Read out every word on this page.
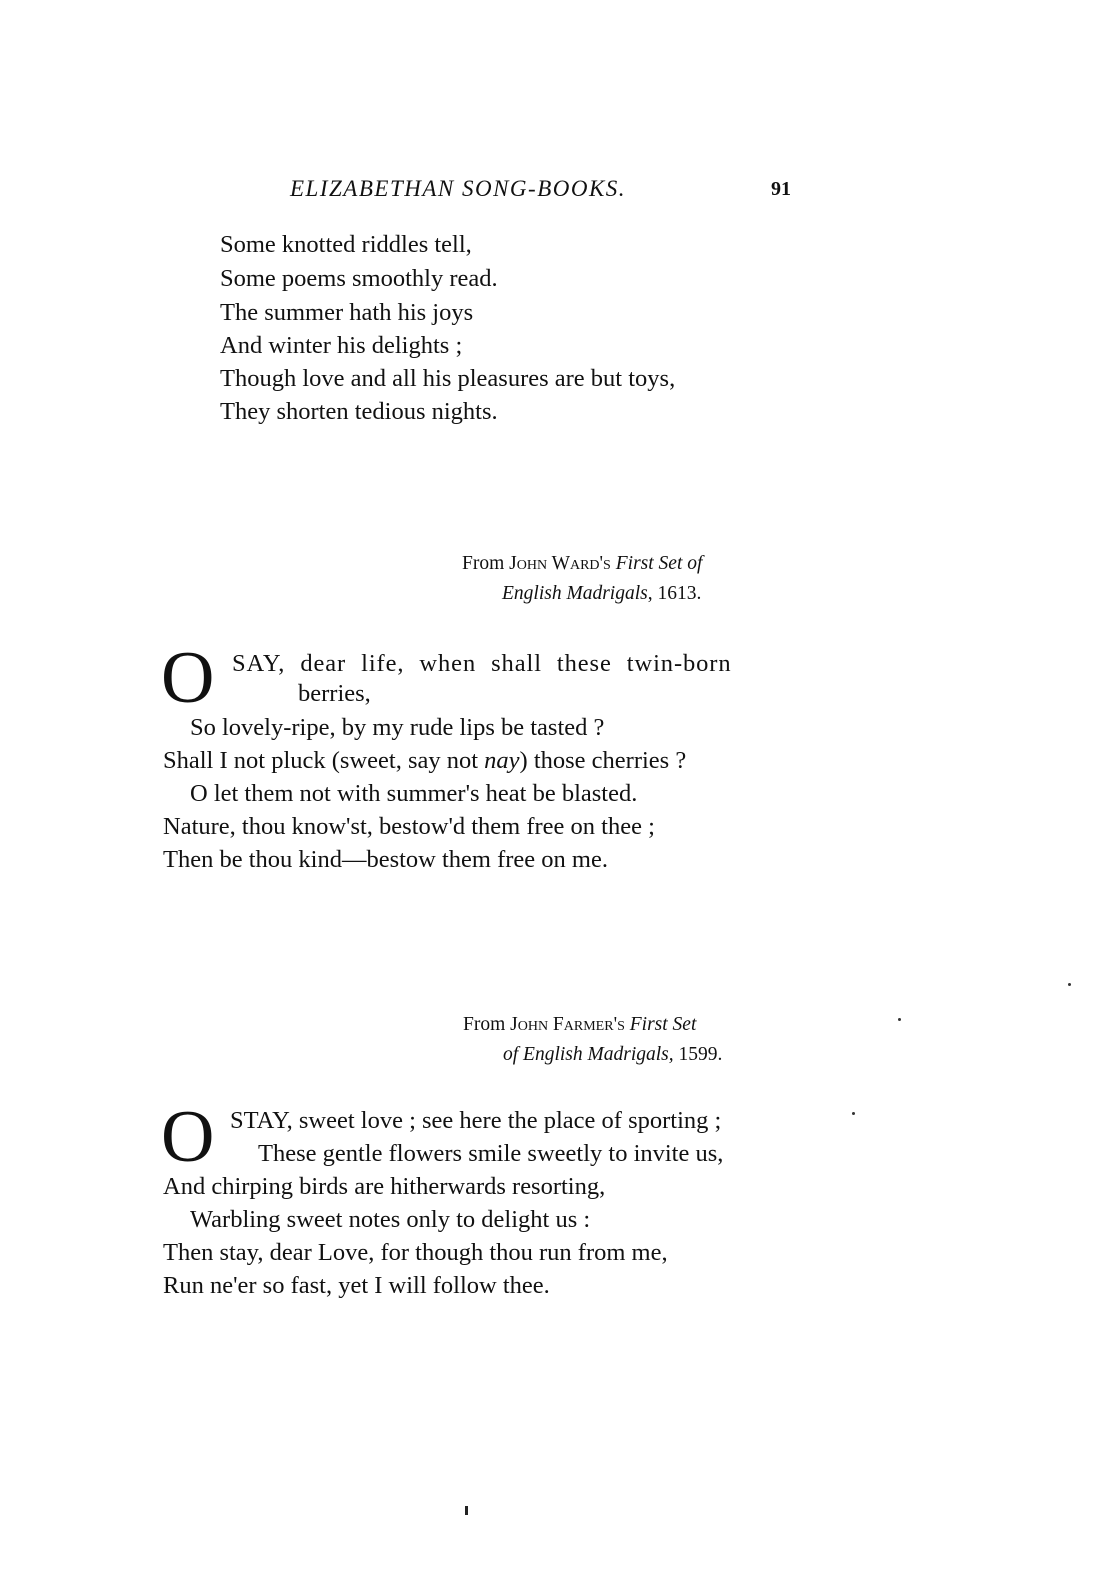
ELIZABETHAN SONG-BOOKS.	91
Some knotted riddles tell,
Some poems smoothly read.
The summer hath his joys
And winter his delights ;
Though love and all his pleasures are but toys,
They shorten tedious nights.
From John Ward's First Set of
English Madrigals, 1613.
O SAY, dear life, when shall these twin-born
berries,
So lovely-ripe, by my rude lips be tasted ?
Shall I not pluck (sweet, say not nay) those cherries ?
O let them not with summer's heat be blasted.
Nature, thou know'st, bestow'd them free on thee ;
Then be thou kind—bestow them free on me.
From John Farmer's First Set
of English Madrigals, 1599.
O STAY, sweet love ; see here the place of sporting ;
These gentle flowers smile sweetly to invite us,
And chirping birds are hitherwards resorting,
Warbling sweet notes only to delight us :
Then stay, dear Love, for though thou run from me,
Run ne'er so fast, yet I will follow thee.
